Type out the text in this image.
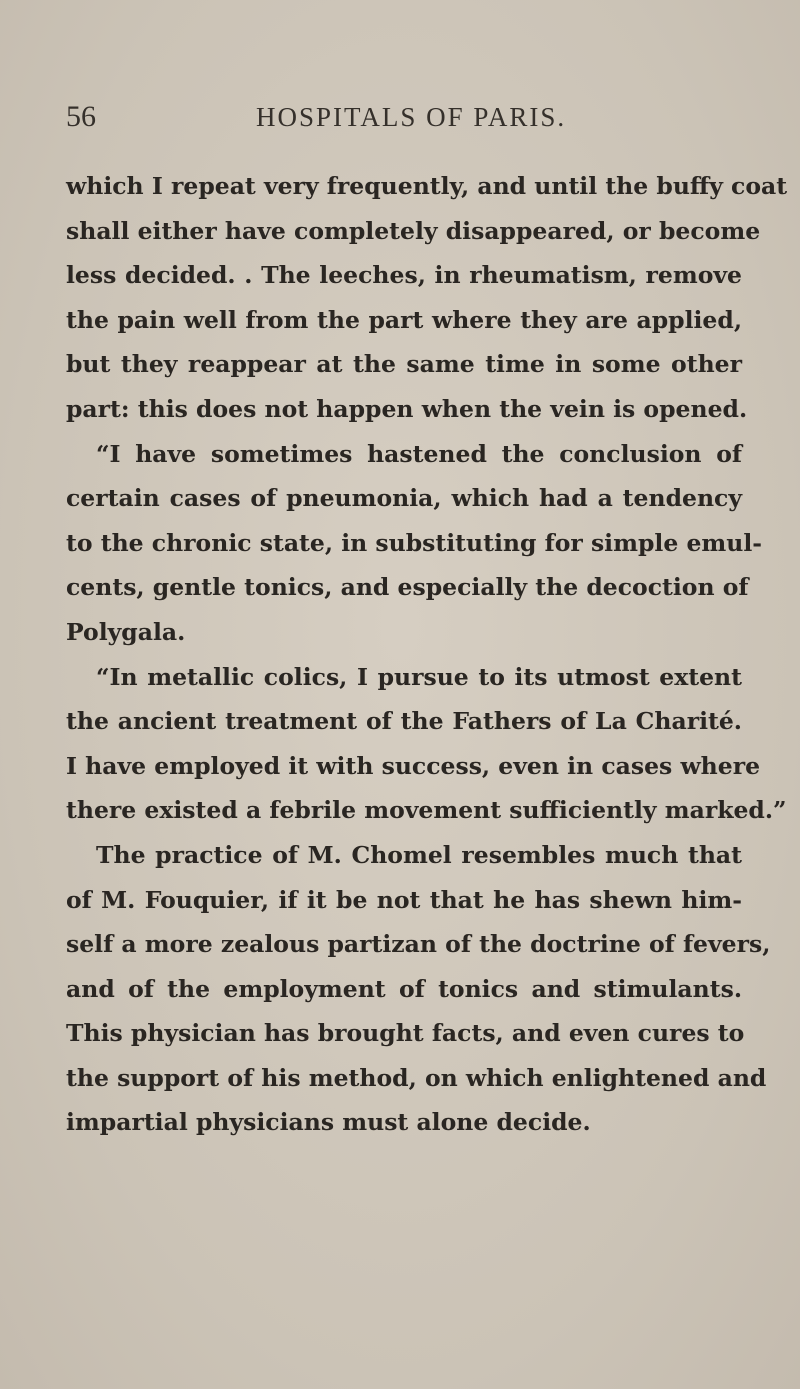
56	HOSPITALS OF PARIS.
which I repeat very frequently, and until the buffy coat
shall either have completely disappeared, or become
less decided. . The leeches, in rheumatism, remove
the pain well from the part where they are applied,
but they reappear at the same time in some other
part: this does not happen when the vein is opened.
“I have sometimes hastened the conclusion of
certain cases of pneumonia, which had a tendency
to the chronic state, in substituting for simple emul-
cents, gentle tonics, and especially the decoction of
Polygala.
“In metallic colics, I pursue to its utmost extent
the ancient treatment of the Fathers of La Charité.
I have employed it with success, even in cases where
there existed a febrile movement sufficiently marked.”
The practice of M. Chomel resembles much that
of M. Fouquier, if it be not that he has shewn him-
self a more zealous partizan of the doctrine of fevers,
and of the employment of tonics and stimulants.
This physician has brought facts, and even cures to
the support of his method, on which enlightened and
impartial physicians must alone decide.
